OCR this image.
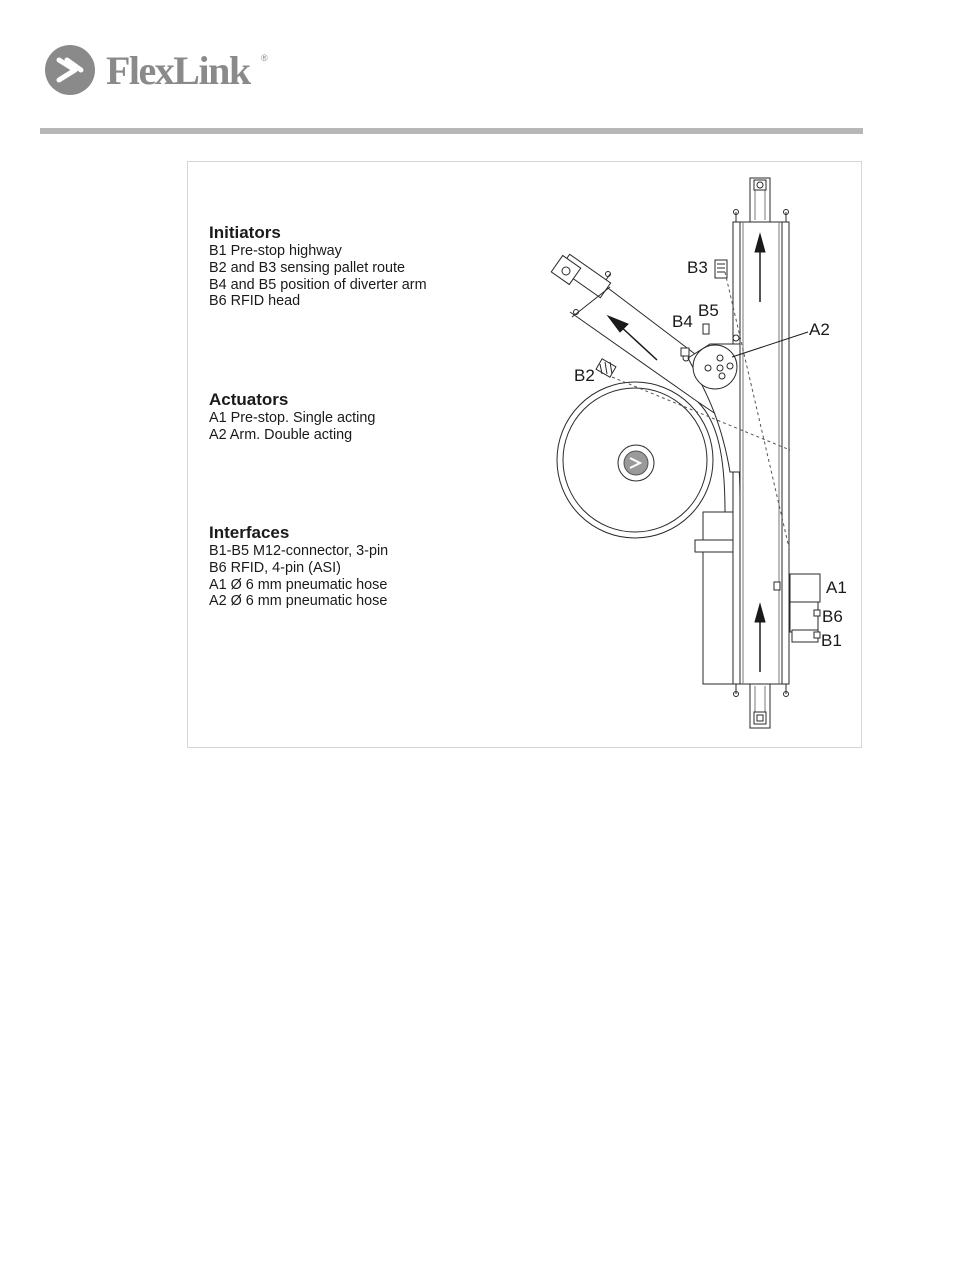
FlexLink ®
Initiators
B1 Pre-stop highway
B2 and B3 sensing pallet route
B4 and B5 position of diverter arm
B6 RFID head
Actuators
A1 Pre-stop. Single acting
A2 Arm. Double acting
Interfaces
B1-B5 M12-connector, 3-pin
B6 RFID, 4-pin (ASI)
A1 Ø 6 mm pneumatic hose
A2 Ø 6 mm pneumatic hose
B3
B5
B4	A2
B2
A1
B6
B1
